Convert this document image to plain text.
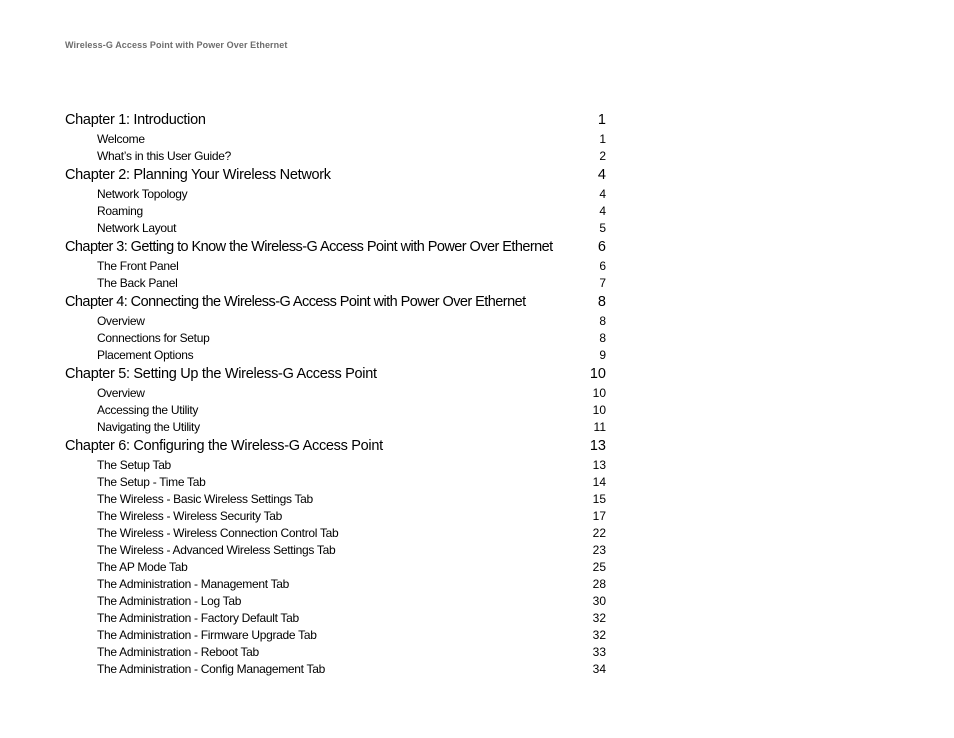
Wireless-G Access Point with Power Over Ethernet
Chapter 1: Introduction	1
Welcome	1
What’s in this User Guide?	2
Chapter 2: Planning Your Wireless Network	4
Network Topology	4
Roaming	4
Network Layout	5
Chapter 3: Getting to Know the Wireless-G Access Point with Power Over Ethernet	6
The Front Panel	6
The Back Panel	7
Chapter 4: Connecting the Wireless-G Access Point with Power Over Ethernet	8
Overview	8
Connections for Setup	8
Placement Options	9
Chapter 5: Setting Up the Wireless-G Access Point	10
Overview	10
Accessing the Utility	10
Navigating the Utility	11
Chapter 6: Configuring the Wireless-G Access Point	13
The Setup Tab	13
The Setup - Time Tab	14
The Wireless - Basic Wireless Settings Tab	15
The Wireless - Wireless Security Tab	17
The Wireless - Wireless Connection Control Tab	22
The Wireless - Advanced Wireless Settings Tab	23
The AP Mode Tab	25
The Administration - Management Tab	28
The Administration - Log Tab	30
The Administration - Factory Default Tab	32
The Administration - Firmware Upgrade Tab	32
The Administration - Reboot Tab	33
The Administration - Config Management Tab	34
